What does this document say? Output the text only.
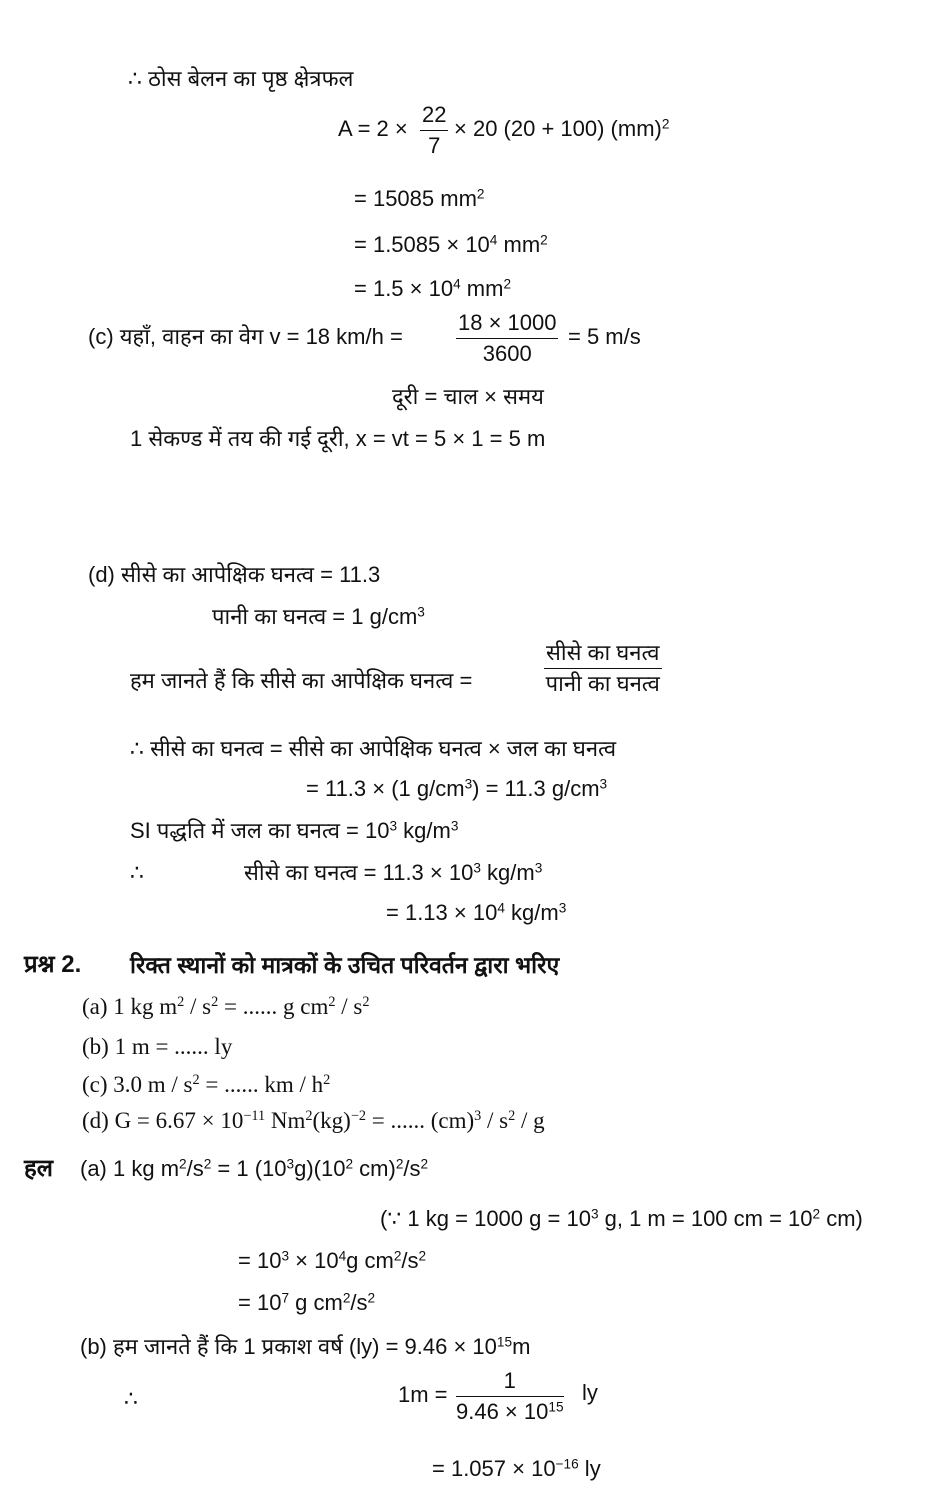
∴ ठोस बेलन का पृष्ठ क्षेत्रफल
$A = 2 \times \frac{22}{7} \times 20$ (20 + 100) (mm)$^2$
= 15085 $mm^2$
= $1.5085 \times 10^4$ $mm^2$
= $1.5 \times 10^4$ $mm^2$
(c) यहाँ, वाहन का वेग v = 18 $km/h = \frac{18 \times 1000}{3600} = 5$ m/s
दूरी = चाल × समय
1 सेकण्ड में तय की गई दूरी, x = vt = 5 × 1 = 5 m
(d) सीसे का आपेक्षिक घनत्व = 11.3
पानी का घनत्व = 1 $g/cm^3$
हम जानते हैं कि सीसे का आपेक्षिक घनत्व =
सीसे का घनत्व
पानी का घनत्व
∴ सीसे का घनत्व = सीसे का आपेक्षिक घनत्व × जल का घनत्व
= 11.3 × (1 $g/cm^3) = 11.3$ $g/cm^3$
SI पद्धति में जल का घनत्व = $10^3$ $kg/m^3$
∴	सीसे का घनत्व = $11.3 \times 10^3$ $kg/m^3$
= $1.13 \times 10^4$ $kg/m^3$
प्रश्न 2. रिक्त स्थानों को मात्रकों के उचित परिवर्तन द्वारा भरिए
(a) 1 kg $m^2 / s^2$ = ...... g $cm^2 / s^2$
(b) 1 m = ...... ly
(c) 3.0 m / $s^2$ = ...... km / $h^2$
(d) $G = 6.67 \times 10^{-11}$ $Nm^2(kg)^{-2}$ = ...... $(cm)^3 / s^2$ / g
हल (a) 1 kg $m^2/s^2 = 1$ $(10^3g)(10^2$ $cm)^2/s^2$
(∵ 1 kg = 1000 $g = 10^3$ g, 1 m = 100 cm = $10^2$ cm)
= $10^3 \times 10^4g$ $cm^2/s^2$
= $10^7$ g $cm^2/s^2$
(b) हम जानते हैं कि 1 प्रकाश वर्ष $(ly) = 9.46 \times 10^{15}m$
∴	$1m = \frac{1}{9.46 \times 10^{15}}$ ly
= $1.057 \times 10^{-16}$ ly
